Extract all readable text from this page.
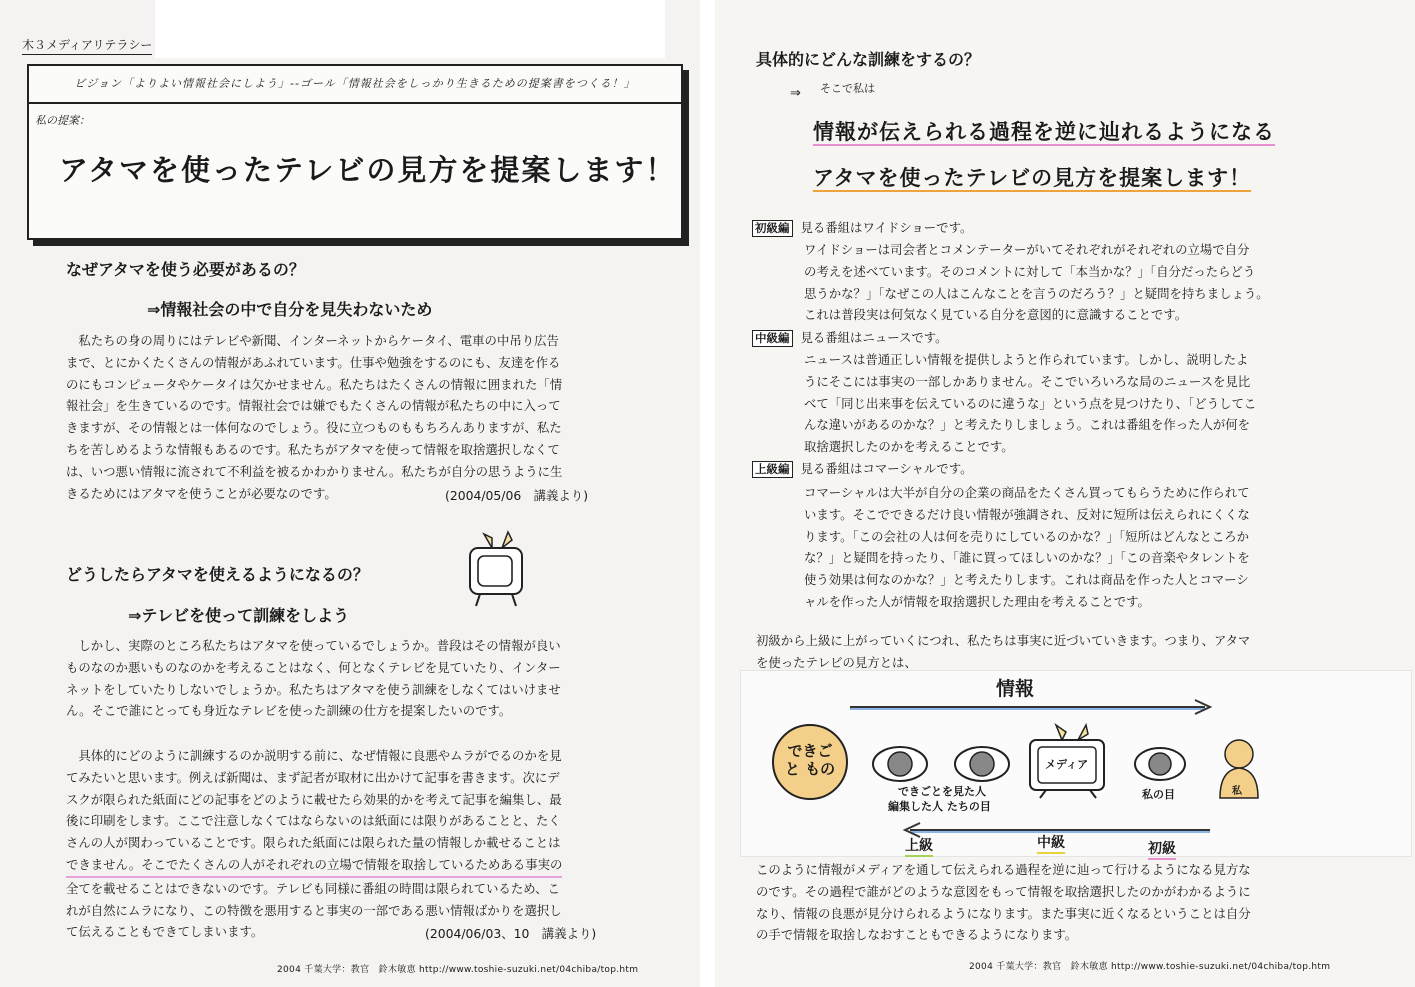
木３メディアリテラシー
ビジョン「よりよい情報社会にしよう」--ゴール「情報社会をしっかり生きるための提案書をつくる！」
私の提案：
アタマを使ったテレビの見方を提案します！
なぜアタマを使う必要があるの？
⇒情報社会の中で自分を見失わないため

私たちの身の周りにはテレビや新聞、インターネットからケータイ、電車の中吊り広告

まで、とにかくたくさんの情報があふれています。仕事や勉強をするのにも、友達を作る

のにもコンピュータやケータイは欠かせません。私たちはたくさんの情報に囲まれた「情

報社会」を生きているのです。情報社会では嫌でもたくさんの情報が私たちの中に入って

きますが、その情報とは一体何なのでしょう。役に立つものももちろんありますが、私た

ちを苦しめるような情報もあるのです。私たちがアタマを使って情報を取捨選択しなくて

は、いつ悪い情報に流されて不利益を被るかわかりません。私たちが自分の思うように生

きるためにはアタマを使うことが必要なのです。	(2004/05/06　講義より)
どうしたらアタマを使えるようになるの？
⇒テレビを使って訓練をしよう

しかし、実際のところ私たちはアタマを使っているでしょうか。普段はその情報が良い

ものなのか悪いものなのかを考えることはなく、何となくテレビを見ていたり、インター

ネットをしていたりしないでしょうか。私たちはアタマを使う訓練をしなくてはいけませ

ん。そこで誰にとっても身近なテレビを使った訓練の仕方を提案したいのです。

具体的にどのように訓練するのか説明する前に、なぜ情報に良悪やムラがでるのかを見

てみたいと思います。例えば新聞は、まず記者が取材に出かけて記事を書きます。次にデ

スクが限られた紙面にどの記事をどのように載せたら効果的かを考えて記事を編集し、最

後に印刷をします。ここで注意しなくてはならないのは紙面には限りがあることと、たく

さんの人が関わっていることです。限られた紙面には限られた量の情報しか載せることは

できません。そこでたくさんの人がそれぞれの立場で情報を取捨しているためある事実の

全てを載せることはできないのです。テレビも同様に番組の時間は限られているため、こ

れが自然にムラになり、この特徴を悪用すると事実の一部である悪い情報ばかりを選択し

て伝えることもできてしまいます。	(2004/06/03、10　講義より)
2004 千葉大学：教官　鈴木敏恵 http://www.toshie-suzuki.net/04chiba/top.htm
具体的にどんな訓練をするの？
⇒ そこで私は
情報が伝えられる過程を逆に辿れるようになる
アタマを使ったテレビの見方を提案します！
初級編 見る番組はワイドショーです。

ワイドショーは司会者とコメンテーターがいてそれぞれがそれぞれの立場で自分

の考えを述べています。そのコメントに対して「本当かな？」「自分だったらどう

思うかな？」「なぜこの人はこんなことを言うのだろう？」と疑問を持ちましょう。

これは普段実は何気なく見ている自分を意図的に意識することです。

中級編 見る番組はニュースです。

ニュースは普通正しい情報を提供しようと作られています。しかし、説明したよ

うにそこには事実の一部しかありません。そこでいろいろな局のニュースを見比

べて「同じ出来事を伝えているのに違うな」という点を見つけたり、「どうしてこ

んな違いがあるのかな？」と考えたりしましょう。これは番組を作った人が何を

取捨選択したのかを考えることです。

上級編 見る番組はコマーシャルです。

コマーシャルは大半が自分の企業の商品をたくさん買ってもらうために作られて

います。そこでできるだけ良い情報が強調され、反対に短所は伝えられにくくな

ります。「この会社の人は何を売りにしているのかな？」「短所はどんなところか

な？」と疑問を持ったり、「誰に買ってほしいのかな？」「この音楽やタレントを

使う効果は何なのかな？」と考えたりします。これは商品を作った人とコマーシ

ャルを作った人が情報を取捨選択した理由を考えることです。

初級から上級に上がっていくにつれ、私たちは事実に近づいていきます。つまり、アタマ

を使ったテレビの見方とは、

情報
できごと もの	メディア
できごとを見た人
編集した人 たちの目
私の目	私
上級	中級	初級

このように情報がメディアを通して伝えられる過程を逆に辿って行けるようになる見方な

のです。その過程で誰がどのような意図をもって情報を取捨選択したのかがわかるように

なり、情報の良悪が見分けられるようになります。また事実に近くなるということは自分

の手で情報を取捨しなおすこともできるようになります。

2004 千葉大学：教官　鈴木敏恵 http://www.toshie-suzuki.net/04chiba/top.htm
